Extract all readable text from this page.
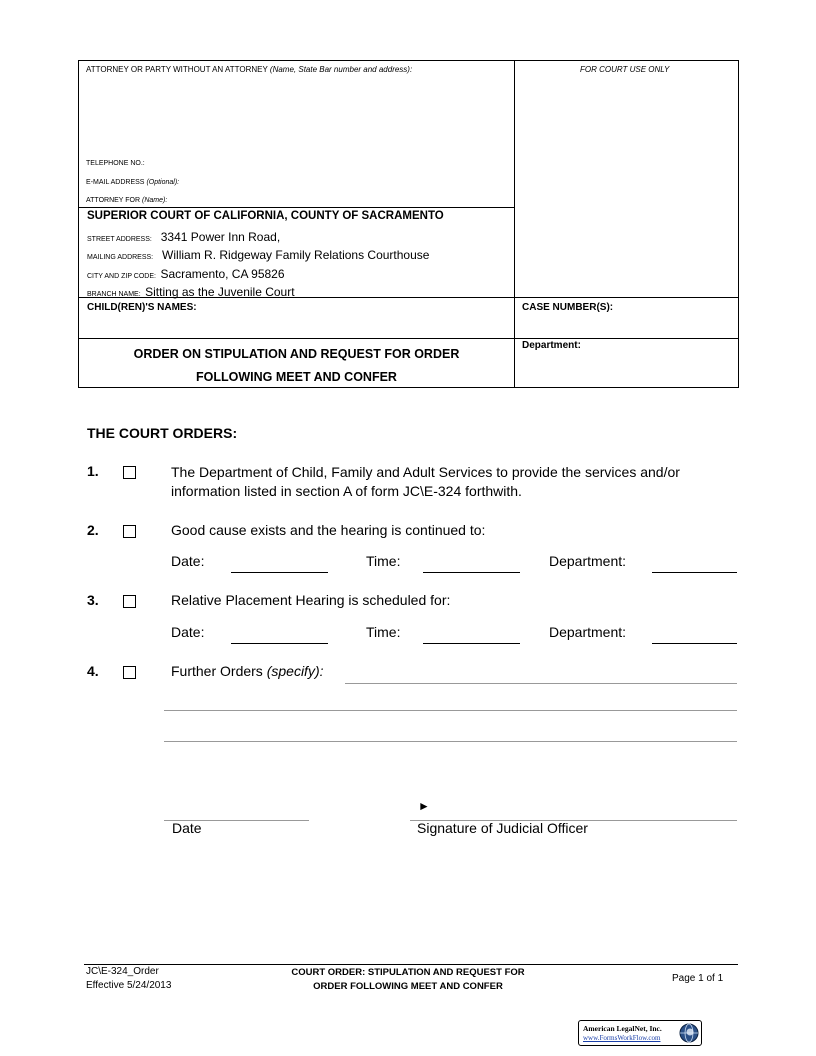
ATTORNEY OR PARTY WITHOUT AN ATTORNEY (Name, State Bar number and address):	FOR COURT USE ONLY
TELEPHONE NO.:
E-MAIL ADDRESS (Optional):
ATTORNEY FOR (Name):
SUPERIOR COURT OF CALIFORNIA, COUNTY OF SACRAMENTO
STREET ADDRESS: 3341 Power Inn Road,
MAILING ADDRESS: William R. Ridgeway Family Relations Courthouse
CITY AND ZIP CODE: Sacramento, CA 95826
BRANCH NAME: Sitting as the Juvenile Court
CHILD(REN)'S NAMES:	CASE NUMBER(S):
ORDER ON STIPULATION AND REQUEST FOR ORDER
FOLLOWING MEET AND CONFER
Department:
THE COURT ORDERS:
1.	The Department of Child, Family and Adult Services to provide the services and/or
information listed in section A of form JC\E-324 forthwith.
2.	Good cause exists and the hearing is continued to:
Date:	Time:	Department:
3.	Relative Placement Hearing is scheduled for:
Date:	Time:	Department:
4.	Further Orders (specify):
►
Date	Signature of Judicial Officer
JC\E-324_Order
Effective 5/24/2013
COURT ORDER: STIPULATION AND REQUEST FOR
ORDER FOLLOWING MEET AND CONFER
Page 1 of 1
American LegalNet, Inc.
www.FormsWorkFlow.com
